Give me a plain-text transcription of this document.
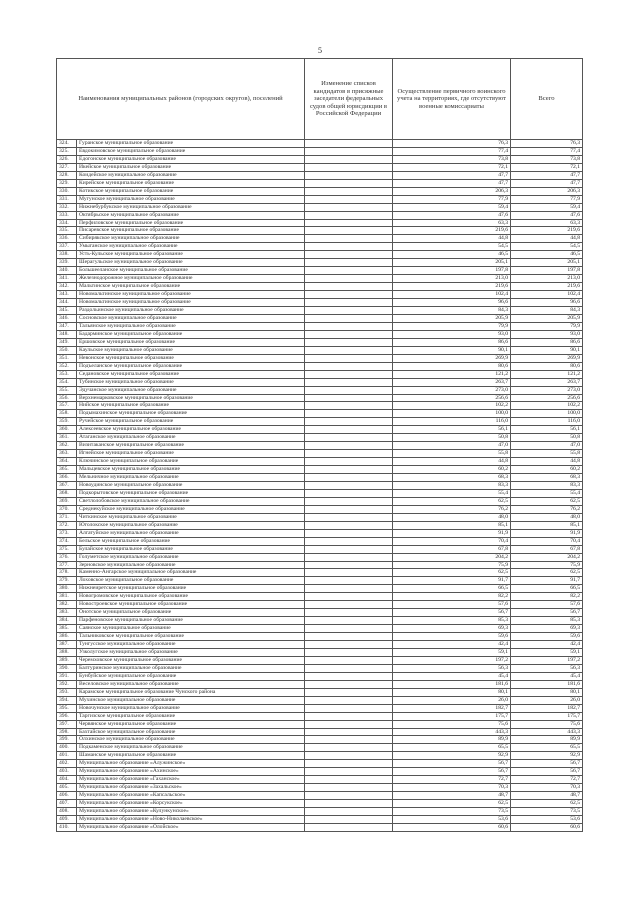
5
Наименования муниципальных районов (городских округов), поселений		Изменение списков кандидатов в присяжные заседатели федеральных судов общей юрисдикции в Российской Федерации	Осуществление первичного воинского учета на территориях, где отсутствуют военные комиссариаты	Всего
324.	Гуранское муниципальное образование		76,3	76,3
325.	Евдокимовское муниципальное образование		77,4	77,4
326.	Едогонское муниципальное образование		73,8	73,8
327.	Икейское муниципальное образование		72,1	72,1
328.	Коидейское муниципальное образование		47,7	47,7
329.	Кирейское муниципальное образование		47,7	47,7
330.	Котикское муниципальное образование		206,3	206,3
331.	Мугунское муниципальное образование		77,9	77,9
332.	Нижнебурбукское муниципальное образование		59,4	59,4
333.	Октябрьское муниципальное образование		47,6	47,6
334.	Перфиловское муниципальное образование		63,3	63,3
335.	Писаревское муниципальное образование		219,6	219,6
336.	Сибирякское муниципальное образование		44,8	44,8
337.	Умыганское муниципальное образование		54,5	54,5
338.	Усть-Кульское муниципальное образование		46,5	46,5
339.	Шерагульское муниципальное образование		205,1	205,1
340.	Большееланское муниципальное образование		197,8	197,8
341.	Железнодорожное муниципальное образование		213,0	213,0
342.	Мальтинское муниципальное образование		219,6	219,6
343.	Новомальтинское муниципальное образование		102,4	102,4
344.	Новомальтинское муниципальное образование		96,6	96,6
345.	Раздольинское муниципальное образование		84,3	84,3
346.	Сосновское муниципальное образование		205,9	205,9
347.	Тальянское муниципальное образование		79,9	79,9
348.	Бадарминское муниципальное образование		93,0	93,0
349.	Ершовское муниципальное образование		86,6	86,6
350.	Каульское муниципальное образование		90,1	90,1
351.	Невонское муниципальное образование		269,9	269,9
352.	Подъеланское муниципальное образование		80,6	80,6
353.	Седановское муниципальное образование		121,2	121,2
354.	Тубинское муниципальное образование		263,7	263,7
355.	Эдучанское муниципальное образование		273,0	273,0
356.	Верхнемарковское муниципальное образование		256,6	256,6
357.	Нийское муниципальное образование		102,2	102,2
358.	Подымахинское муниципальное образование		100,0	100,0
359.	Ручейское муниципальное образование		116,0	116,0
360.	Алексеевское муниципальное образование		56,1	56,1
361.	Атаганское муниципальное образование		50,8	50,8
362.	Визитаканское муниципальное образование		47,0	47,0
363.	Игнейское муниципальное образование		55,8	55,8
364.	Ключинское муниципальное образование		44,8	44,8
365.	Мальцевское муниципальное образование		60,2	60,2
366.	Мельничное муниципальное образование		68,3	68,3
367.	Новоудинское муниципальное образование		83,3	83,3
368.	Подкорытовское муниципальное образование		55,4	55,4
369.	Светлолобовское муниципальное образование		62,5	62,5
370.	Среднекуйское муниципальное образование		76,2	76,2
371.	Читкинское муниципальное образование		48,0	48,0
372.	Юголокское муниципальное образование		85,1	85,1
373.	Алгатуйское муниципальное образование		91,9	91,9
374.	Бельское муниципальное образование		70,4	70,4
375.	Булайское муниципальное образование		67,8	67,8
376.	Голуметское муниципальное образование		204,2	204,2
377.	Зерновское муниципальное образование		75,9	75,9
378.	Каменно-Ангарское муниципальное образование		62,5	62,5
379.	Лоховское муниципальное образование		91,7	91,7
380.	Нижнеиретское муниципальное образование		66,5	66,5
381.	Новогромовское муниципальное образование		82,2	82,2
382.	Новостроевское муниципальное образование		57,6	57,6
383.	Онотское муниципальное образование		56,7	56,7
384.	Парфеновское муниципальное образование		85,3	85,3
385.	Саянское муниципальное образование		69,3	69,3
386.	Тальниковское муниципальное образование		59,6	59,6
387.	Тунгусское муниципальное образование		42,4	42,4
388.	Узколугское муниципальное образование		59,1	59,1
389.	Черемховское муниципальное образование		197,2	197,2
390.	Балтуринское муниципальное образование		56,3	56,3
391.	Бунбуйское муниципальное образование		45,4	45,4
392.	Веселовское муниципальное образование		181,6	181,6
393.	Карамское муниципальное образование Чунского района		80,1	80,1
394.	Мухинское муниципальное образование		26,0	26,0
395.	Новочунское муниципальное образование		182,7	182,7
396.	Таргизское муниципальное образование		175,7	175,7
397.	Червянское муниципальное образование		75,6	75,6
398.	Бахтайское муниципальное образование		443,3	443,3
399.	Олхинское муниципальное образование		89,9	89,9
400.	Подкаменское муниципальное образование		65,5	65,5
401.	Шаманское муниципальное образование		92,9	92,9
402.	Муниципальное образование «Алужинское»		56,7	56,7
403.	Муниципальное образование «Ахинское»		56,7	56,7
404.	Муниципальное образование «Гаханское»		72,7	72,7
405.	Муниципальное образование «Захальское»		70,3	70,3
406.	Муниципальное образование «Капсальское»		48,7	48,7
407.	Муниципальное образование «Корсукское»		62,5	62,5
408.	Муниципальное образование «Кулункунское»		73,5	73,5
409.	Муниципальное образование «Ново-Николаевское»		53,6	53,6
410.	Муниципальное образование «Олойское»		60,6	60,6
